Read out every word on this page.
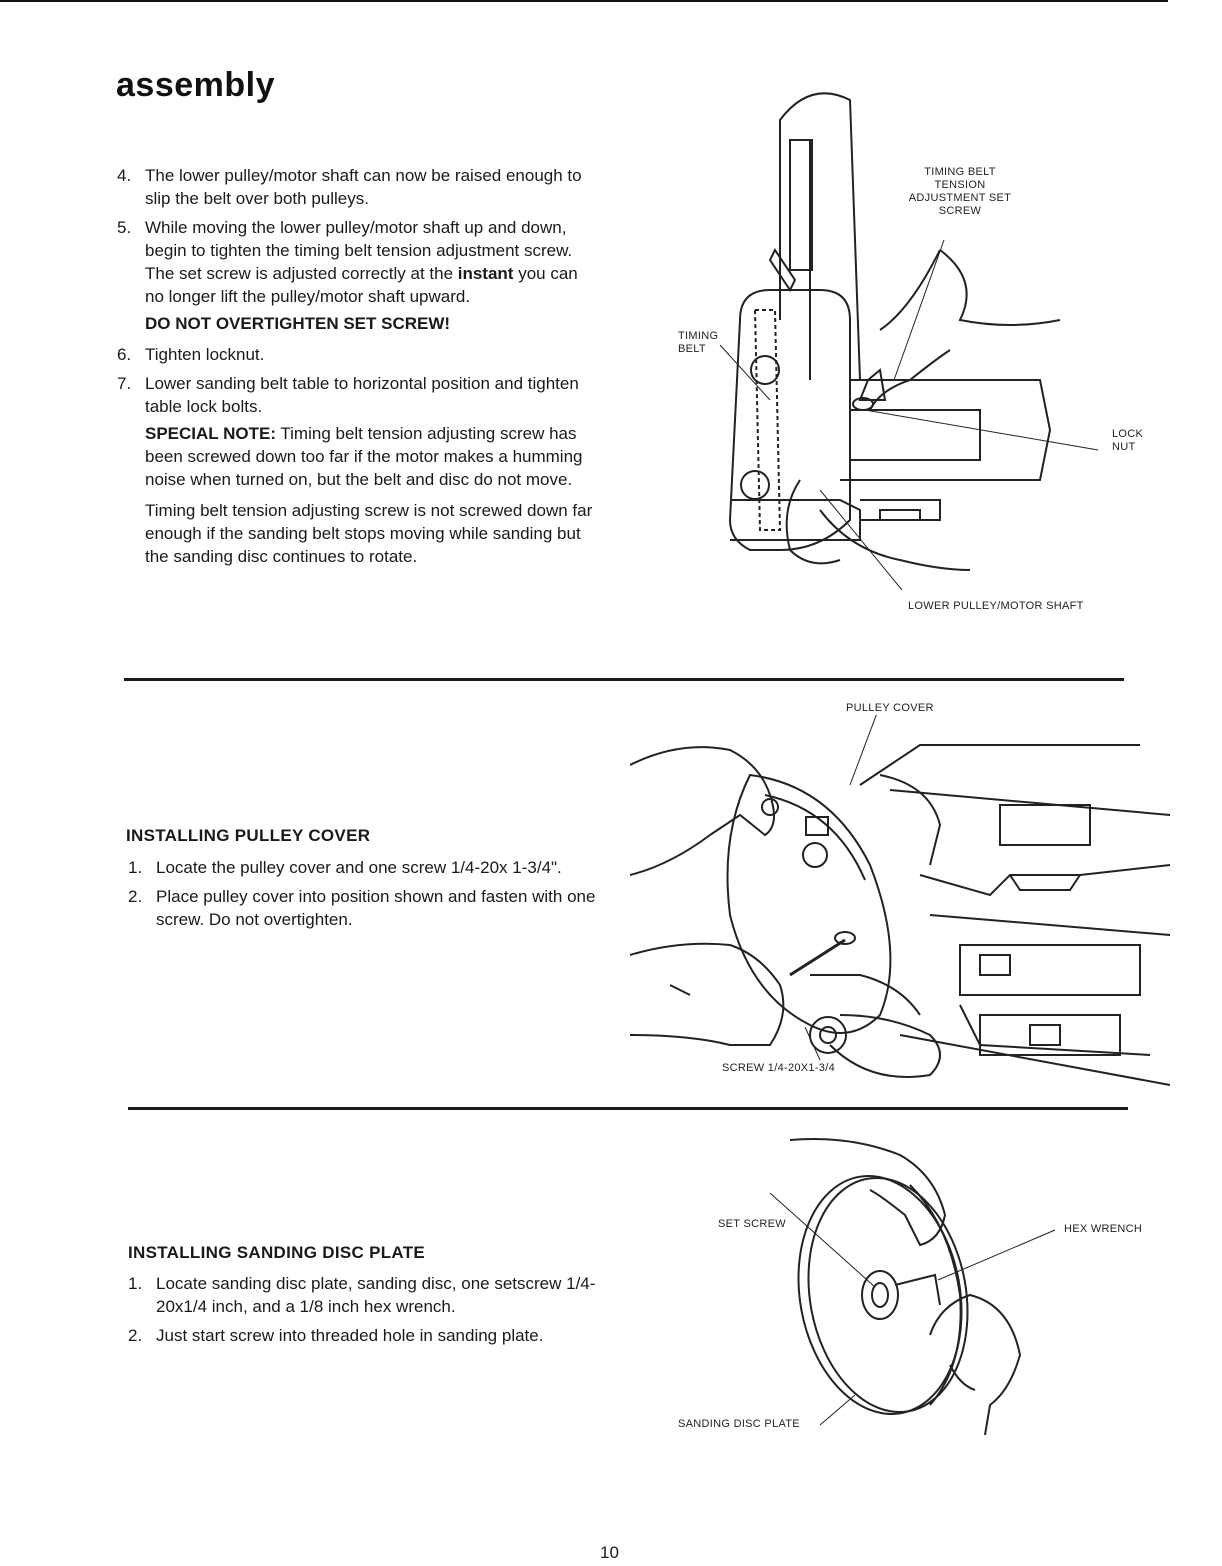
assembly
4. The lower pulley/motor shaft can now be raised enough to slip the belt over both pulleys.
5. While moving the lower pulley/motor shaft up and down, begin to tighten the timing belt tension adjustment screw. The set screw is adjusted correctly at the instant you can no longer lift the pulley/motor shaft upward.

DO NOT OVERTIGHTEN SET SCREW!

6. Tighten locknut.
7. Lower sanding belt table to horizontal position and tighten table lock bolts.

SPECIAL NOTE: Timing belt tension adjusting screw has been screwed down too far if the motor makes a humming noise when turned on, but the belt and disc do not move.

Timing belt tension adjusting screw is not screwed down far enough if the sanding belt stops moving while sanding but the sanding disc continues to rotate.

TIMING BELT TENSION ADJUSTMENT SET SCREW
TIMING BELT
LOCK NUT
LOWER PULLEY/MOTOR SHAFT
INSTALLING PULLEY COVER
1. Locate the pulley cover and one screw 1/4-20x 1-3/4".
2. Place pulley cover into position shown and fasten with one screw. Do not overtighten.
PULLEY COVER
SCREW 1/4-20X1-3/4
INSTALLING SANDING DISC PLATE
1. Locate sanding disc plate, sanding disc, one setscrew 1/4-20x1/4 inch, and a 1/8 inch hex wrench.
2. Just start screw into threaded hole in sanding plate.
SET SCREW	HEX WRENCH
SANDING DISC PLATE
10
